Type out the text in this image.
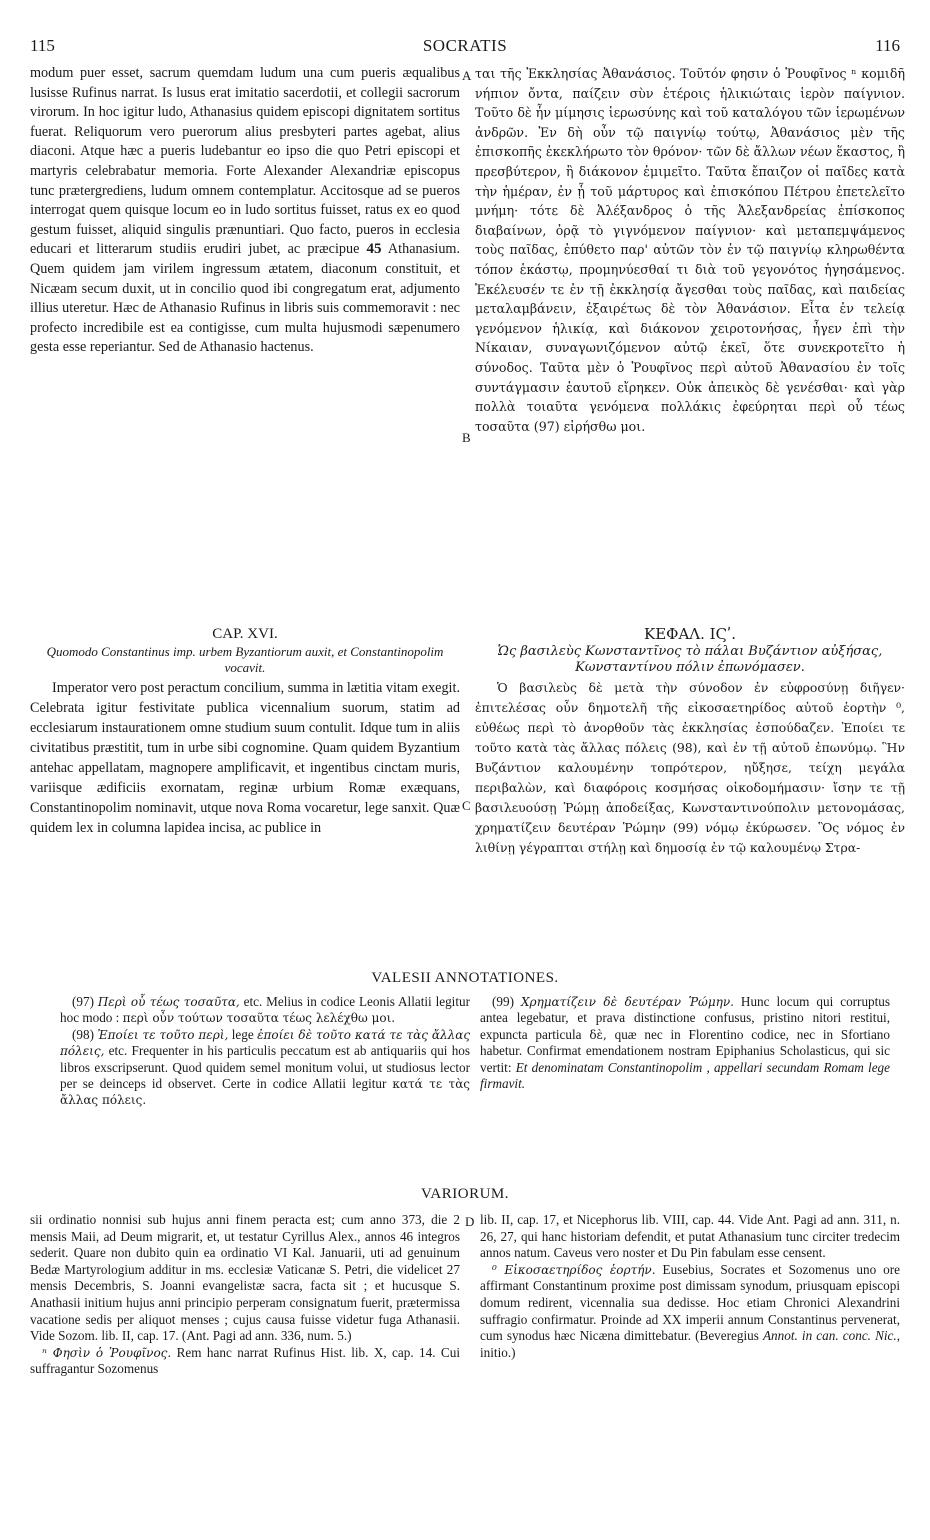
115	SOCRATIS	116

modum puer esset, sacrum quemdam ludum una cum pueris æqualibus lusisse Rufinus narrat. Is lusus erat imitatio sacerdotii, et collegii sacrorum virorum. In hoc igitur ludo, Athanasius quidem episcopi dignitatem sortitus fuerat. Reliquorum vero puerorum alius presbyteri partes agebat, alius diaconi. Atque hæc a pueris ludebantur eo ipso die quo Petri episcopi et martyris celebrabatur memoria. Forte Alexander Alexandriæ episcopus tunc prætergrediens, ludum omnem contemplatur. Accitosque ad se pueros interrogat quem quisque locum eo in ludo sortitus fuisset, ratus ex eo quod gestum fuisset, aliquid singulis prænuntiari. Quo facto, pueros in ecclesia educari et litterarum studiis erudiri jubet, ac præcipue 45 Athanasium. Quem quidem jam virilem ingressum ætatem, diaconum constituit, et Nicæam secum duxit, ut in concilio quod ibi congregatum erat, adjumento illius uteretur. Hæc de Athanasio Rufinus in libris suis commemoravit : nec profecto incredibile est ea contigisse, cum multa hujusmodi sæpenumero gesta esse reperiantur. Sed de Athanasio hactenus.

A
B
C
D

ται τῆς Ἐκκλησίας Ἀθανάσιος. Τοῦτόν φησιν ὁ Ῥουφῖνος ⁿ κομιδῆ νήπιον ὄντα, παίζειν σὺν ἑτέροις ἡλικιώταις ἱερὸν παίγνιον. Τοῦτο δὲ ἦν μίμησις ἱερωσύνης καὶ τοῦ καταλόγου τῶν ἱερωμένων ἀνδρῶν. Ἐν δὴ οὖν τῷ παιγνίῳ τούτῳ, Ἀθανάσιος μὲν τῆς ἐπισκοπῆς ἐκεκλήρωτο τὸν θρόνον· τῶν δὲ ἄλλων νέων ἕκαστος, ἢ πρεσβύτερον, ἢ διάκονον ἐμιμεῖτο. Ταῦτα ἔπαιζον οἱ παῖδες κατὰ τὴν ἡμέραν, ἐν ᾗ τοῦ μάρτυρος καὶ ἐπισκόπου Πέτρου ἐπετελεῖτο μνήμη· τότε δὲ Ἀλέξανδρος ὁ τῆς Ἀλεξανδρείας ἐπίσκοπος διαβαίνων, ὁρᾷ τὸ γιγνόμενον παίγνιον· καὶ μεταπεμψάμενος τοὺς παῖδας, ἐπύθετο παρ' αὐτῶν τὸν ἐν τῷ παιγνίῳ κληρωθέντα τόπον ἑκάστῳ, προμηνύεσθαί τι διὰ τοῦ γεγονότος ἡγησάμενος. Ἐκέλευσέν τε ἐν τῇ ἐκκλησίᾳ ἄγεσθαι τοὺς παῖδας, καὶ παιδείας μεταλαμβάνειν, ἐξαιρέτως δὲ τὸν Ἀθανάσιον. Εἶτα ἐν τελείᾳ γενόμενον ἡλικίᾳ, καὶ διάκονον χειροτονήσας, ἦγεν ἐπὶ τὴν Νίκαιαν, συναγωνιζόμενον αὐτῷ ἐκεῖ, ὅτε συνεκροτεῖτο ἡ σύνοδος. Ταῦτα μὲν ὁ Ῥουφῖνος περὶ αὐτοῦ Ἀθανασίου ἐν τοῖς συντάγμασιν ἑαυτοῦ εἴρηκεν. Οὐκ ἀπεικὸς δὲ γενέσθαι· καὶ γὰρ πολλὰ τοιαῦτα γενόμενα πολλάκις ἐφεύρηται περὶ οὗ τέως τοσαῦτα (97) εἰρήσθω μοι.

CAP. XVI.

Quomodo Constantinus imp. urbem Byzantiorum auxit, et Constantinopolim vocavit.

Imperator vero post peractum concilium, summa in lætitia vitam exegit. Celebrata igitur festivitate publica vicennalium suorum, statim ad ecclesiarum instaurationem omne studium suum contulit. Idque tum in aliis civitatibus præstitit, tum in urbe sibi cognomine. Quam quidem Byzantium antehac appellatam, magnopere amplificavit, et ingentibus cinctam muris, variisque ædificiis exornatam, reginæ urbium Romæ exæquans, Constantinopolim nominavit, utque nova Roma vocaretur, lege sanxit. Quæ quidem lex in columna lapidea incisa, ac publice in

ΚΕΦΑΛ. ΙϚʹ.

Ὡς βασιλεὺς Κωνσταντῖνος τὸ πάλαι Βυζάντιον αὐξήσας, Κωνσταντίνου πόλιν ἐπωνόμασεν.

Ὁ βασιλεὺς δὲ μετὰ τὴν σύνοδον ἐν εὐφροσύνῃ διῆγεν· ἐπιτελέσας οὖν δημοτελῆ τῆς εἰκοσαετηρίδος αὐτοῦ ἑορτὴν ⁰, εὐθέως περὶ τὸ ἀνορθοῦν τὰς ἐκκλησίας ἐσπούδαζεν. Ἐποίει τε τοῦτο κατὰ τὰς ἄλλας πόλεις (98), καὶ ἐν τῇ αὐτοῦ ἐπωνύμῳ. Ἣν Βυζάντιον καλουμένην τοπρότερον, ηὔξησε, τείχη μεγάλα περιβαλὼν, καὶ διαφόροις κοσμήσας οἰκοδομήμασιν· ἴσην τε τῇ βασιλευούσῃ Ῥώμῃ ἀποδείξας, Κωνσταντινούπολιν μετονομάσας, χρηματίζειν δευτέραν Ῥώμην (99) νόμῳ ἐκύρωσεν. Ὃς νόμος ἐν λιθίνῃ γέγραπται στήλῃ καὶ δημοσίᾳ ἐν τῷ καλουμένῳ Στρα-

VALESII ANNOTATIONES.

(97) Περὶ οὗ τέως τοσαῦτα, etc. Melius in codice Leonis Allatii legitur hoc modo : περὶ οὖν τούτων τοσαῦτα τέως λελέχθω μοι.

(98) Ἐποίει τε τοῦτο περὶ, lege ἐποίει δὲ τοῦτο κατά τε τὰς ἄλλας πόλεις, etc. Frequenter in his particulis peccatum est ab antiquariis qui hos libros exscripserunt. Quod quidem semel monitum volui, ut studiosus lector per se deinceps id observet. Certe in codice Allatii legitur κατά τε τὰς ἄλλας πόλεις.

(99) Χρηματίζειν δὲ δευτέραν Ῥώμην. Hunc locum qui corruptus antea legebatur, et prava distinctione confusus, pristino nitori restitui, expuncta particula δὲ, quæ nec in Florentino codice, nec in Sfortiano habetur. Confirmat emendationem nostram Epiphanius Scholasticus, qui sic vertit: Et denominatam Constantinopolim , appellari secundam Romam lege firmavit.

VARIORUM.

sii ordinatio nonnisi sub hujus anni finem peracta est; cum anno 373, die 2 mensis Maii, ad Deum migrarit, et, ut testatur Cyrillus Alex., annos 46 integros sederit. Quare non dubito quin ea ordinatio VI Kal. Januarii, uti ad genuinum Bedæ Martyrologium additur in ms. ecclesiæ Vaticanæ S. Petri, die videlicet 27 mensis Decembris, S. Joanni evangelistæ sacra, facta sit ; et hucusque S. Anathasii initium hujus anni principio perperam consignatum fuerit, prætermissa vacatione sedis per aliquot menses ; cujus causa fuisse videtur fuga Athanasii. Vide Sozom. lib. II, cap. 17. (Ant. Pagi ad ann. 336, num. 5.)

ⁿ Φησὶν ὁ Ῥουφῖνος. Rem hanc narrat Rufinus Hist. lib. X, cap. 14. Cui suffragantur Sozomenus

lib. II, cap. 17, et Nicephorus lib. VIII, cap. 44. Vide Ant. Pagi ad ann. 311, n. 26, 27, qui hanc historiam defendit, et putat Athanasium tunc circiter tredecim annos natum. Caveus vero noster et Du Pin fabulam esse censent.

⁰ Εἰκοσαετηρίδος ἑορτήν. Eusebius, Socrates et Sozomenus uno ore affirmant Constantinum proxime post dimissam synodum, priusquam episcopi domum redirent, vicennalia sua dedisse. Hoc etiam Chronici Alexandrini suffragio confirmatur. Proinde ad XX imperii annum Constantinus pervenerat, cum synodus hæc Nicæna dimittebatur. (Beveregius Annot. in can. conc. Nic., initio.)
